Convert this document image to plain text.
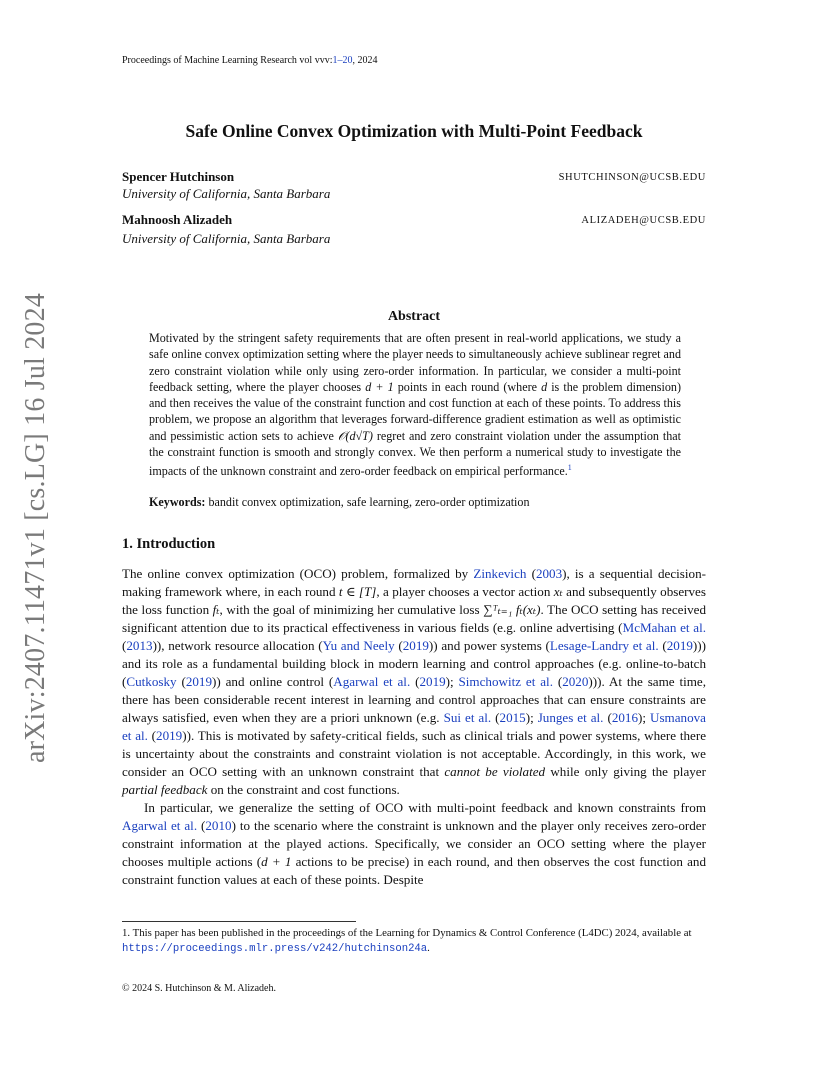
arXiv:2407.11471v1 [cs.LG] 16 Jul 2024
Proceedings of Machine Learning Research vol vvv:1–20, 2024
Safe Online Convex Optimization with Multi-Point Feedback
Spencer Hutchinson	SHUTCHINSON@UCSB.EDU
University of California, Santa Barbara
Mahnoosh Alizadeh	ALIZADEH@UCSB.EDU
University of California, Santa Barbara
Abstract
Motivated by the stringent safety requirements that are often present in real-world applications, we study a safe online convex optimization setting where the player needs to simultaneously achieve sublinear regret and zero constraint violation while only using zero-order information. In particular, we consider a multi-point feedback setting, where the player chooses d + 1 points in each round (where d is the problem dimension) and then receives the value of the constraint function and cost function at each of these points. To address this problem, we propose an algorithm that leverages forward-difference gradient estimation as well as optimistic and pessimistic action sets to achieve 𝒪(d√T) regret and zero constraint violation under the assumption that the constraint function is smooth and strongly convex. We then perform a numerical study to investigate the impacts of the unknown constraint and zero-order feedback on empirical performance.$^1$
Keywords: bandit convex optimization, safe learning, zero-order optimization
1. Introduction

The online convex optimization (OCO) problem, formalized by Zinkevich (2003), is a sequential decision-making framework where, in each round t ∈ [T], a player chooses a vector action xₜ and subsequently observes the loss function fₜ, with the goal of minimizing her cumulative loss ∑ᵀₜ₌₁ fₜ(xₜ). The OCO setting has received significant attention due to its practical effectiveness in various fields (e.g. online advertising (McMahan et al. (2013)), network resource allocation (Yu and Neely (2019)) and power systems (Lesage-Landry et al. (2019))) and its role as a fundamental building block in modern learning and control approaches (e.g. online-to-batch (Cutkosky (2019)) and online control (Agarwal et al. (2019); Simchowitz et al. (2020))). At the same time, there has been considerable recent interest in learning and control approaches that can ensure constraints are always satisfied, even when they are a priori unknown (e.g. Sui et al. (2015); Junges et al. (2016); Usmanova et al. (2019)). This is motivated by safety-critical fields, such as clinical trials and power systems, where there is uncertainty about the constraints and constraint violation is not acceptable. Accordingly, in this work, we consider an OCO setting with an unknown constraint that cannot be violated while only giving the player partial feedback on the constraint and cost functions.

In particular, we generalize the setting of OCO with multi-point feedback and known constraints from Agarwal et al. (2010) to the scenario where the constraint is unknown and the player only receives zero-order constraint information at the played actions. Specifically, we consider an OCO setting where the player chooses multiple actions (d + 1 actions to be precise) in each round, and then observes the cost function and constraint function values at each of these points. Despite

1. This paper has been published in the proceedings of the Learning for Dynamics & Control Conference (L4DC) 2024, available at https://proceedings.mlr.press/v242/hutchinson24a.
© 2024 S. Hutchinson & M. Alizadeh.
